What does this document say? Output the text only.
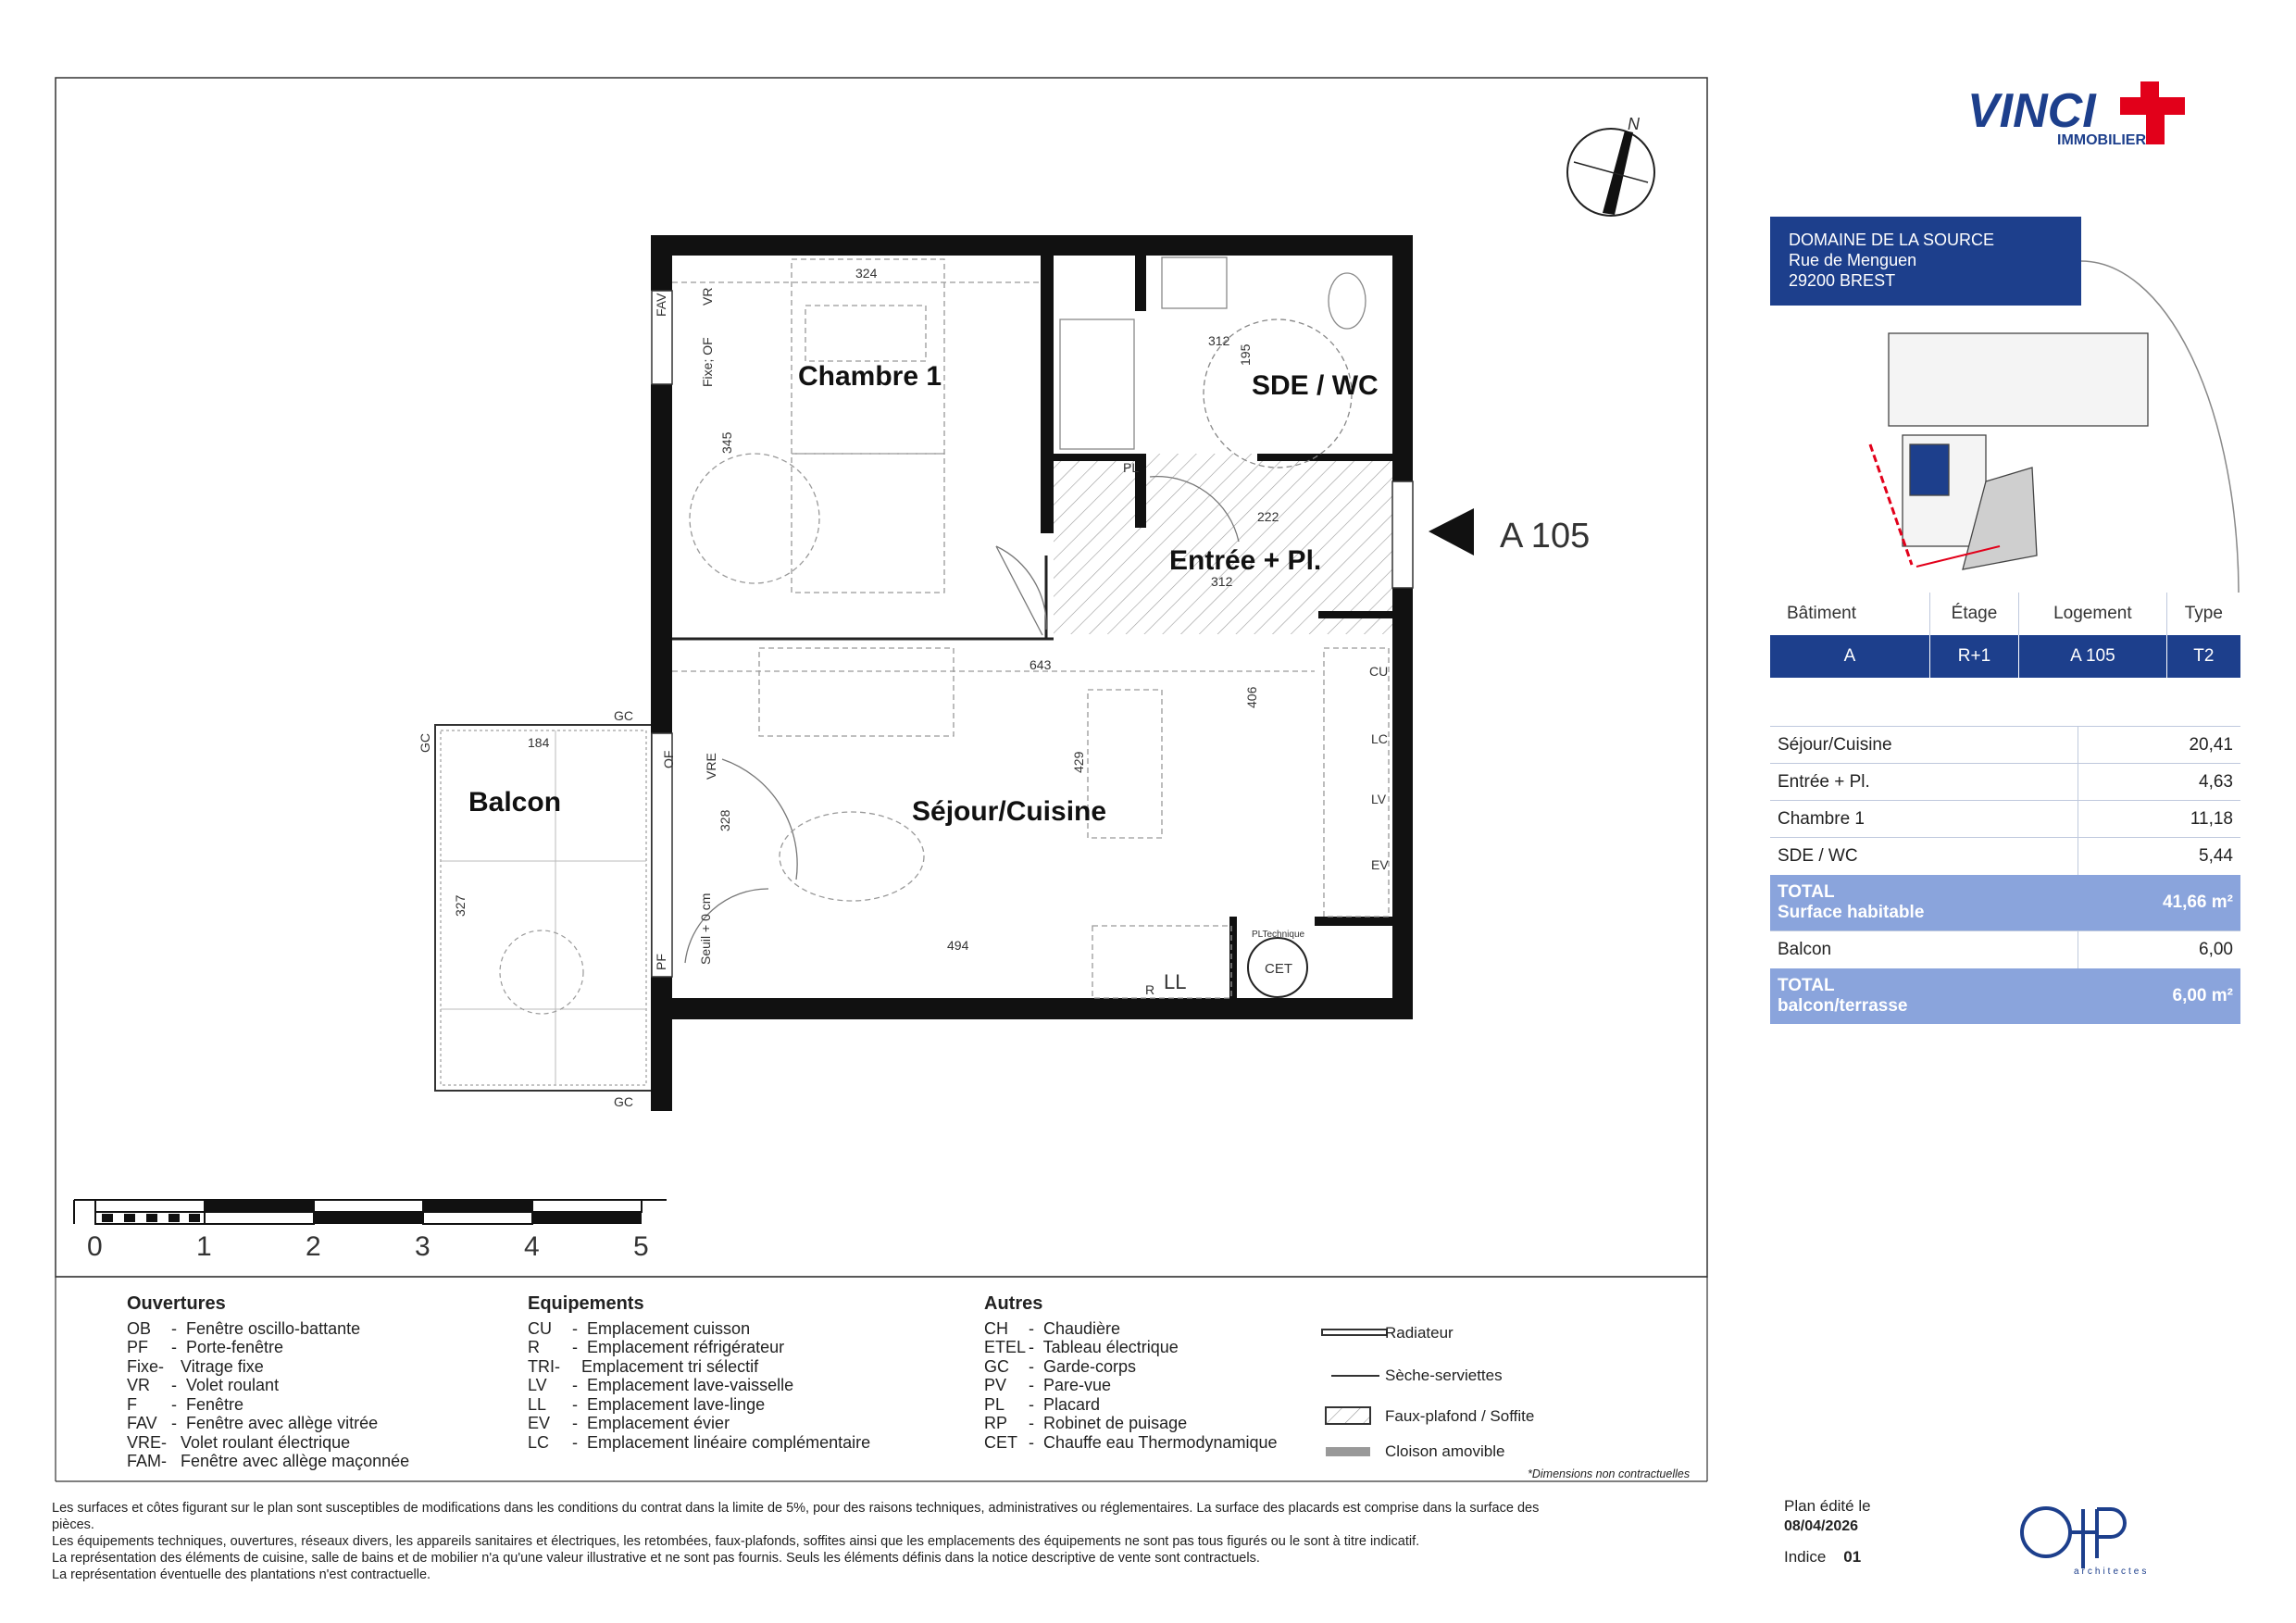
N
Chambre 1	SDE / WC
Entrée + Pl.
Séjour/Cuisine
Balcon
A 105
324
312
195
345
222
312
643
406
429
328
494
184
327
FAV VR
Fixe; OF
PL
CU
LC
LV
EV
GC
GC
GC
OF VRE
PF Seuil + 0 cm	PLTechnique
CET
LL
R
0	1	2	3	4	5
VINCI
IMMOBILIER
architectes
DOMAINE DE LA SOURCE
Rue de Menguen
29200 BREST
Bâtiment	Étage	Logement	Type
A	R+1	A 105	T2
Séjour/Cuisine	20,41
Entrée + Pl.	4,63
Chambre 1	11,18
SDE / WC	5,44

TOTAL
Surface habitable	41,66 m²
Balcon	6,00

TOTAL
balcon/terrasse	6,00 m²
Ouvertures
OB -  Fenêtre oscillo-battante
PF -  Porte-fenêtre
Fixe- Vitrage fixe
VR -  Volet roulant
F -  Fenêtre
FAV -  Fenêtre avec allège vitrée
VRE- Volet roulant électrique
FAM- Fenêtre avec allège maçonnée
Equipements
CU -  Emplacement cuisson
R -  Emplacement réfrigérateur
TRI- Emplacement tri sélectif
LV -  Emplacement lave-vaisselle
LL -  Emplacement lave-linge
EV -  Emplacement évier
LC -  Emplacement linéaire complémentaire
Autres
CH -  Chaudière
ETEL -  Tableau électrique
GC -  Garde-corps
PV -  Pare-vue
PL -  Placard
RP -  Robinet de puisage
CET -  Chauffe eau Thermodynamique
Radiateur
Sèche-serviettes
Faux-plafond / Soffite
Cloison amovible
*Dimensions non contractuelles
Les surfaces et côtes figurant sur le plan sont susceptibles de modifications dans les conditions du contrat dans la limite de 5%, pour des raisons techniques, administratives ou réglementaires. La surface des placards est comprise dans la surface des pièces.
Les équipements techniques, ouvertures, réseaux divers, les appareils sanitaires et électriques, les retombées, faux-plafonds, soffites ainsi que les emplacements des équipements ne sont pas tous figurés ou le sont à titre indicatif.
La représentation des éléments de cuisine, salle de bains et de mobilier n'a qu'une valeur illustrative et ne sont pas fournis. Seuls les éléments définis dans la notice descriptive de vente sont contractuels.
La représentation éventuelle des plantations n'est contractuelle.
Plan édité le
08/04/2026
Indice 01
